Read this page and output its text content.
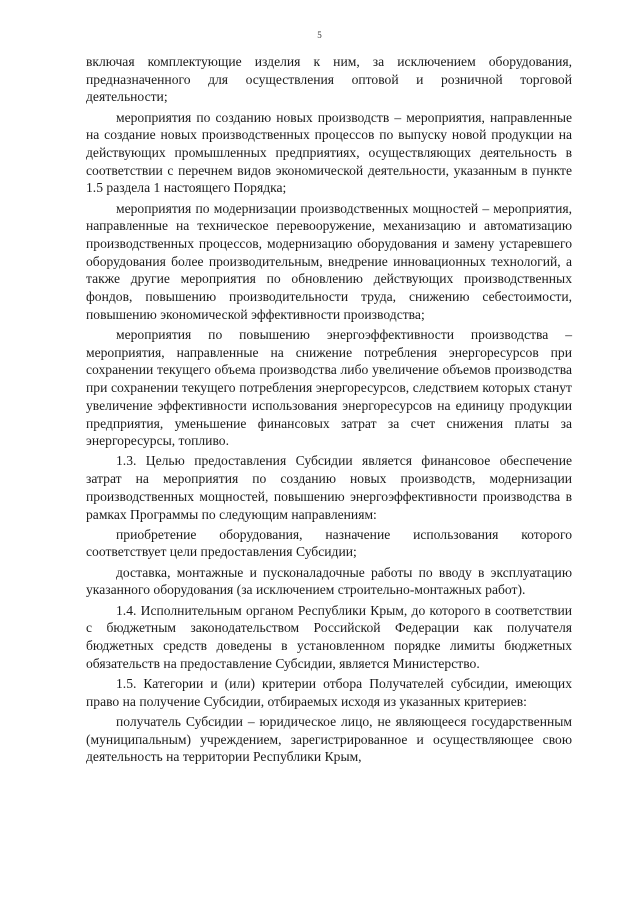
5

включая комплектующие изделия к ним, за исключением оборудования, предназначенного для осуществления оптовой и розничной торговой деятельности;

мероприятия по созданию новых производств – мероприятия, направленные на создание новых производственных процессов по выпуску новой продукции на действующих промышленных предприятиях, осуществляющих деятельность в соответствии с перечнем видов экономической деятельности, указанным в пункте 1.5 раздела 1 настоящего Порядка;

мероприятия по модернизации производственных мощностей – мероприятия, направленные на техническое перевооружение, механизацию и автоматизацию производственных процессов, модернизацию оборудования и замену устаревшего оборудования более производительным, внедрение инновационных технологий, а также другие мероприятия по обновлению действующих производственных фондов, повышению производительности труда, снижению себестоимости, повышению экономической эффективности производства;

мероприятия по повышению энергоэффективности производства – мероприятия, направленные на снижение потребления энергоресурсов при сохранении текущего объема производства либо увеличение объемов производства при сохранении текущего потребления энергоресурсов, следствием которых станут увеличение эффективности использования энергоресурсов на единицу продукции предприятия, уменьшение финансовых затрат за счет снижения платы за энергоресурсы, топливо.

1.3. Целью предоставления Субсидии является финансовое обеспечение затрат на мероприятия по созданию новых производств, модернизации производственных мощностей, повышению энергоэффективности производства в рамках Программы по следующим направлениям:

приобретение оборудования, назначение использования которого соответствует цели предоставления Субсидии;

доставка, монтажные и пусконаладочные работы по вводу в эксплуатацию указанного оборудования (за исключением строительно-монтажных работ).

1.4. Исполнительным органом Республики Крым, до которого в соответствии с бюджетным законодательством Российской Федерации как получателя бюджетных средств доведены в установленном порядке лимиты бюджетных обязательств на предоставление Субсидии, является Министерство.

1.5. Категории и (или) критерии отбора Получателей субсидии, имеющих право на получение Субсидии, отбираемых исходя из указанных критериев:

получатель Субсидии – юридическое лицо, не являющееся государственным (муниципальным) учреждением, зарегистрированное и осуществляющее свою деятельность на территории Республики Крым,
